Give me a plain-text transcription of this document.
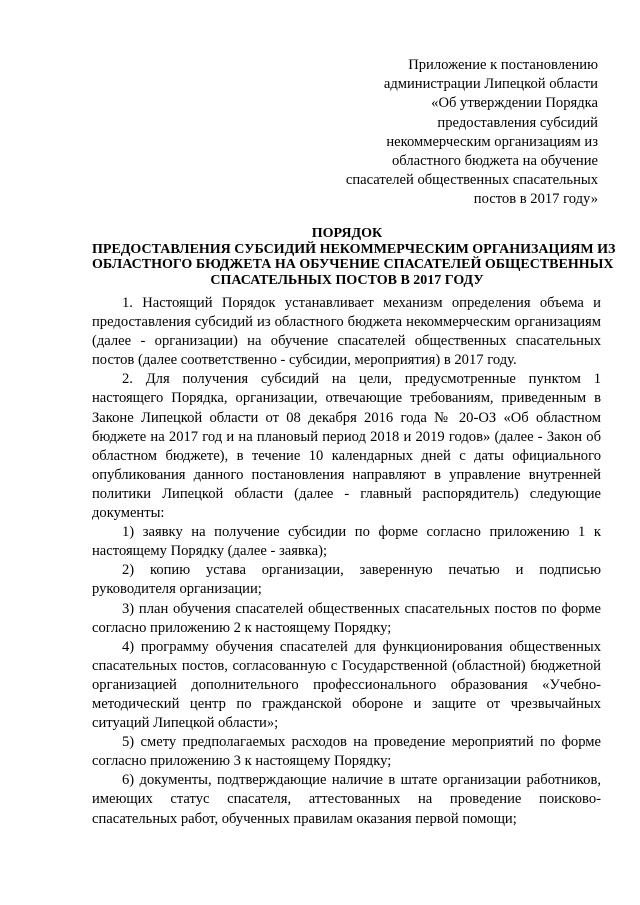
Приложение к постановлению
администрации Липецкой области
«Об утверждении Порядка
предоставления субсидий
некоммерческим организациям из
областного бюджета на обучение
спасателей общественных спасательных
постов в 2017 году»
ПОРЯДОК
ПРЕДОСТАВЛЕНИЯ СУБСИДИЙ НЕКОММЕРЧЕСКИМ ОРГАНИЗАЦИЯМ ИЗ
ОБЛАСТНОГО БЮДЖЕТА НА ОБУЧЕНИЕ СПАСАТЕЛЕЙ ОБЩЕСТВЕННЫХ
СПАСАТЕЛЬНЫХ ПОСТОВ В 2017 ГОДУ

1. Настоящий Порядок устанавливает механизм определения объема и предоставления субсидий из областного бюджета некоммерческим организациям (далее - организации) на обучение спасателей общественных спасательных постов (далее соответственно - субсидии, мероприятия) в 2017 году.

2. Для получения субсидий на цели, предусмотренные пунктом 1 настоящего Порядка, организации, отвечающие требованиям, приведенным в Законе Липецкой области от 08 декабря 2016 года № 20-ОЗ «Об областном бюджете на 2017 год и на плановый период 2018 и 2019 годов» (далее - Закон об областном бюджете), в течение 10 календарных дней с даты официального опубликования данного постановления направляют в управление внутренней политики Липецкой области (далее - главный распорядитель) следующие документы:

1) заявку на получение субсидии по форме согласно приложению 1 к настоящему Порядку (далее - заявка);

2) копию устава организации, заверенную печатью и подписью руководителя организации;

3) план обучения спасателей общественных спасательных постов по форме согласно приложению 2 к настоящему Порядку;

4) программу обучения спасателей для функционирования общественных спасательных постов, согласованную с Государственной (областной) бюджетной организацией дополнительного профессионального образования «Учебно-методический центр по гражданской обороне и защите от чрезвычайных ситуаций Липецкой области»;

5) смету предполагаемых расходов на проведение мероприятий по форме согласно приложению 3 к настоящему Порядку;

6) документы, подтверждающие наличие в штате организации работников, имеющих статус спасателя, аттестованных на проведение поисково-спасательных работ, обученных правилам оказания первой помощи;
